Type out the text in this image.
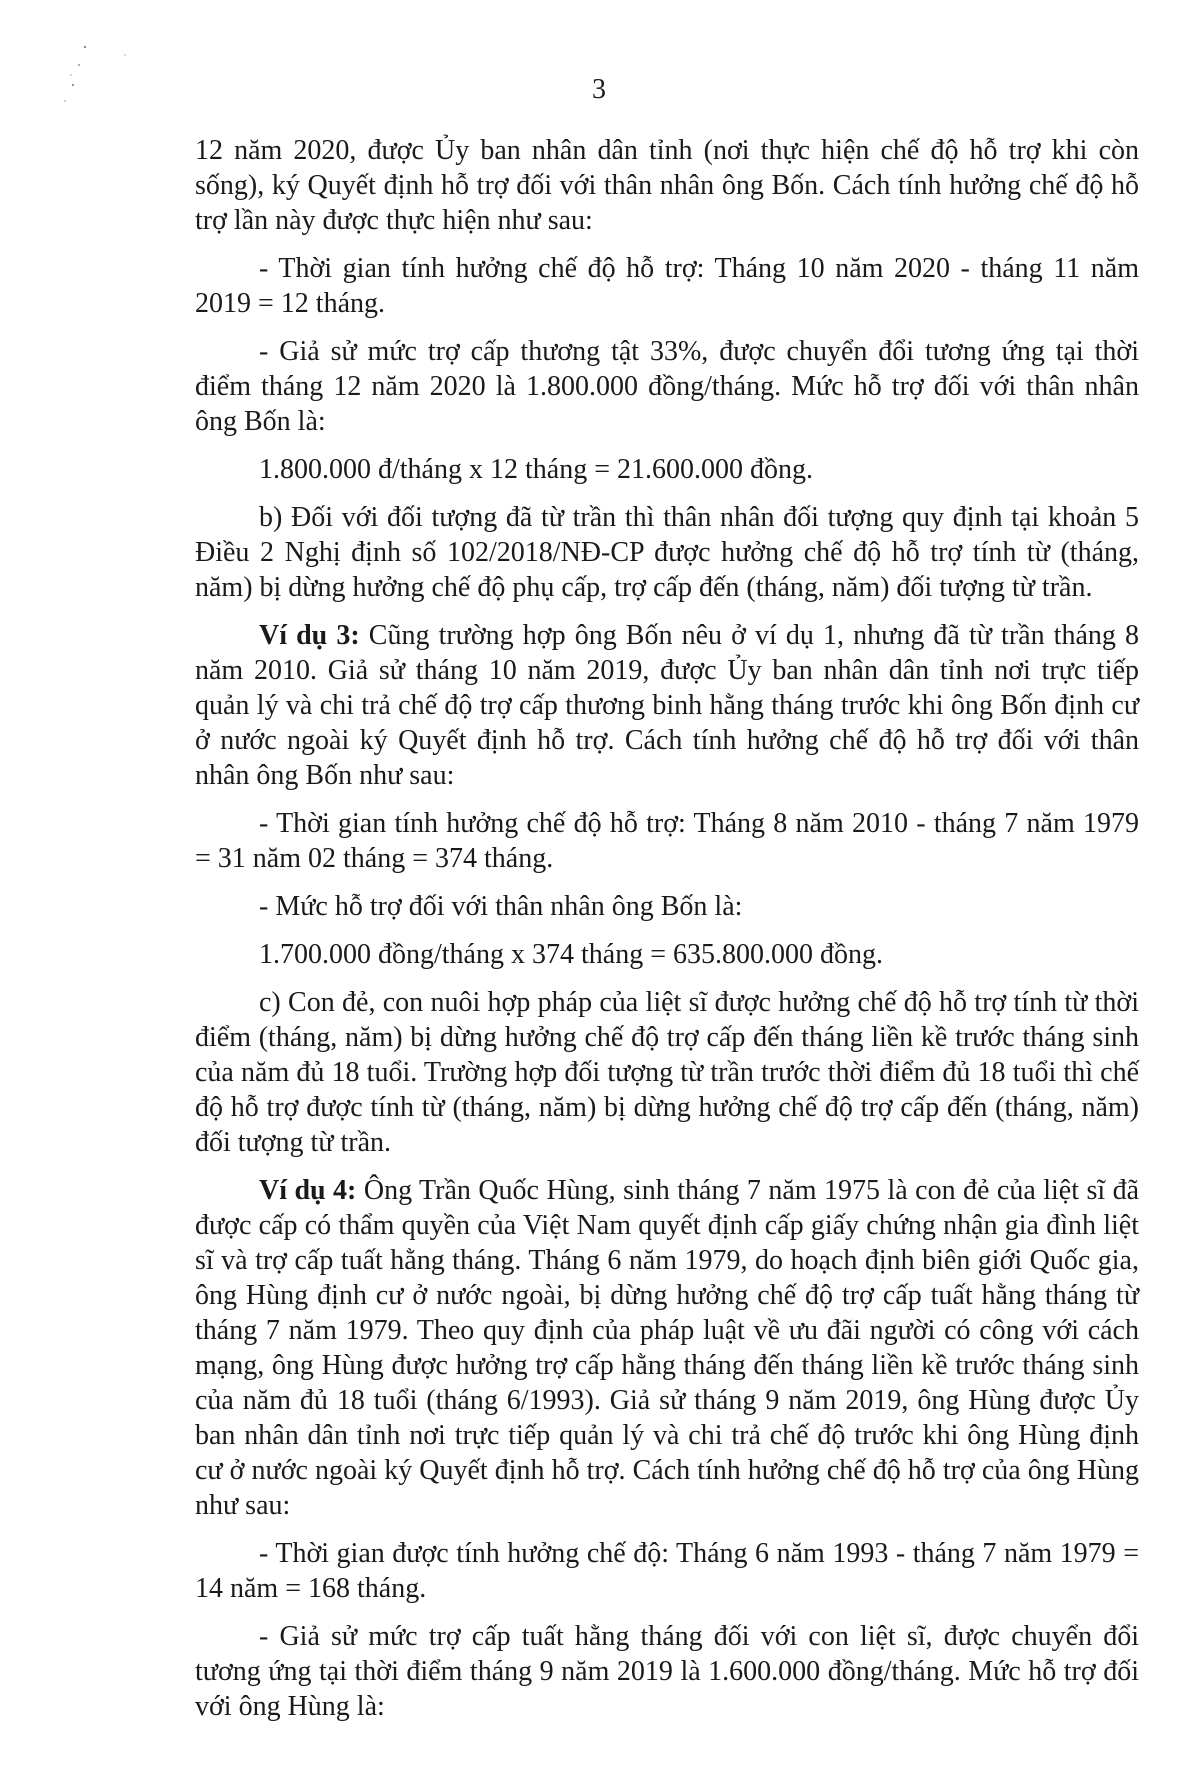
3

12 năm 2020, được Ủy ban nhân dân tỉnh (nơi thực hiện chế độ hỗ trợ khi còn sống), ký Quyết định hỗ trợ đối với thân nhân ông Bốn. Cách tính hưởng chế độ hỗ trợ lần này được thực hiện như sau:

- Thời gian tính hưởng chế độ hỗ trợ: Tháng 10 năm 2020 - tháng 11 năm 2019 = 12 tháng.

- Giả sử mức trợ cấp thương tật 33%, được chuyển đổi tương ứng tại thời điểm tháng 12 năm 2020 là 1.800.000 đồng/tháng. Mức hỗ trợ đối với thân nhân ông Bốn là:

1.800.000 đ/tháng x 12 tháng = 21.600.000 đồng.

b) Đối với đối tượng đã từ trần thì thân nhân đối tượng quy định tại khoản 5 Điều 2 Nghị định số 102/2018/NĐ-CP được hưởng chế độ hỗ trợ tính từ (tháng, năm) bị dừng hưởng chế độ phụ cấp, trợ cấp đến (tháng, năm) đối tượng từ trần.

Ví dụ 3: Cũng trường hợp ông Bốn nêu ở ví dụ 1, nhưng đã từ trần tháng 8 năm 2010. Giả sử tháng 10 năm 2019, được Ủy ban nhân dân tỉnh nơi trực tiếp quản lý và chi trả chế độ trợ cấp thương binh hằng tháng trước khi ông Bốn định cư ở nước ngoài ký Quyết định hỗ trợ. Cách tính hưởng chế độ hỗ trợ đối với thân nhân ông Bốn như sau:

- Thời gian tính hưởng chế độ hỗ trợ: Tháng 8 năm 2010 - tháng 7 năm 1979 = 31 năm 02 tháng = 374 tháng.

- Mức hỗ trợ đối với thân nhân ông Bốn là:

1.700.000 đồng/tháng x 374 tháng = 635.800.000 đồng.

c) Con đẻ, con nuôi hợp pháp của liệt sĩ được hưởng chế độ hỗ trợ tính từ thời điểm (tháng, năm) bị dừng hưởng chế độ trợ cấp đến tháng liền kề trước tháng sinh của năm đủ 18 tuổi. Trường hợp đối tượng từ trần trước thời điểm đủ 18 tuổi thì chế độ hỗ trợ được tính từ (tháng, năm) bị dừng hưởng chế độ trợ cấp đến (tháng, năm) đối tượng từ trần.

Ví dụ 4: Ông Trần Quốc Hùng, sinh tháng 7 năm 1975 là con đẻ của liệt sĩ đã được cấp có thẩm quyền của Việt Nam quyết định cấp giấy chứng nhận gia đình liệt sĩ và trợ cấp tuất hằng tháng. Tháng 6 năm 1979, do hoạch định biên giới Quốc gia, ông Hùng định cư ở nước ngoài, bị dừng hưởng chế độ trợ cấp tuất hằng tháng từ tháng 7 năm 1979. Theo quy định của pháp luật về ưu đãi người có công với cách mạng, ông Hùng được hưởng trợ cấp hằng tháng đến tháng liền kề trước tháng sinh của năm đủ 18 tuổi (tháng 6/1993). Giả sử tháng 9 năm 2019, ông Hùng được Ủy ban nhân dân tỉnh nơi trực tiếp quản lý và chi trả chế độ trước khi ông Hùng định cư ở nước ngoài ký Quyết định hỗ trợ. Cách tính hưởng chế độ hỗ trợ của ông Hùng như sau:

- Thời gian được tính hưởng chế độ: Tháng 6 năm 1993 - tháng 7 năm 1979 = 14 năm = 168 tháng.

- Giả sử mức trợ cấp tuất hằng tháng đối với con liệt sĩ, được chuyển đổi tương ứng tại thời điểm tháng 9 năm 2019 là 1.600.000 đồng/tháng. Mức hỗ trợ đối với ông Hùng là:
